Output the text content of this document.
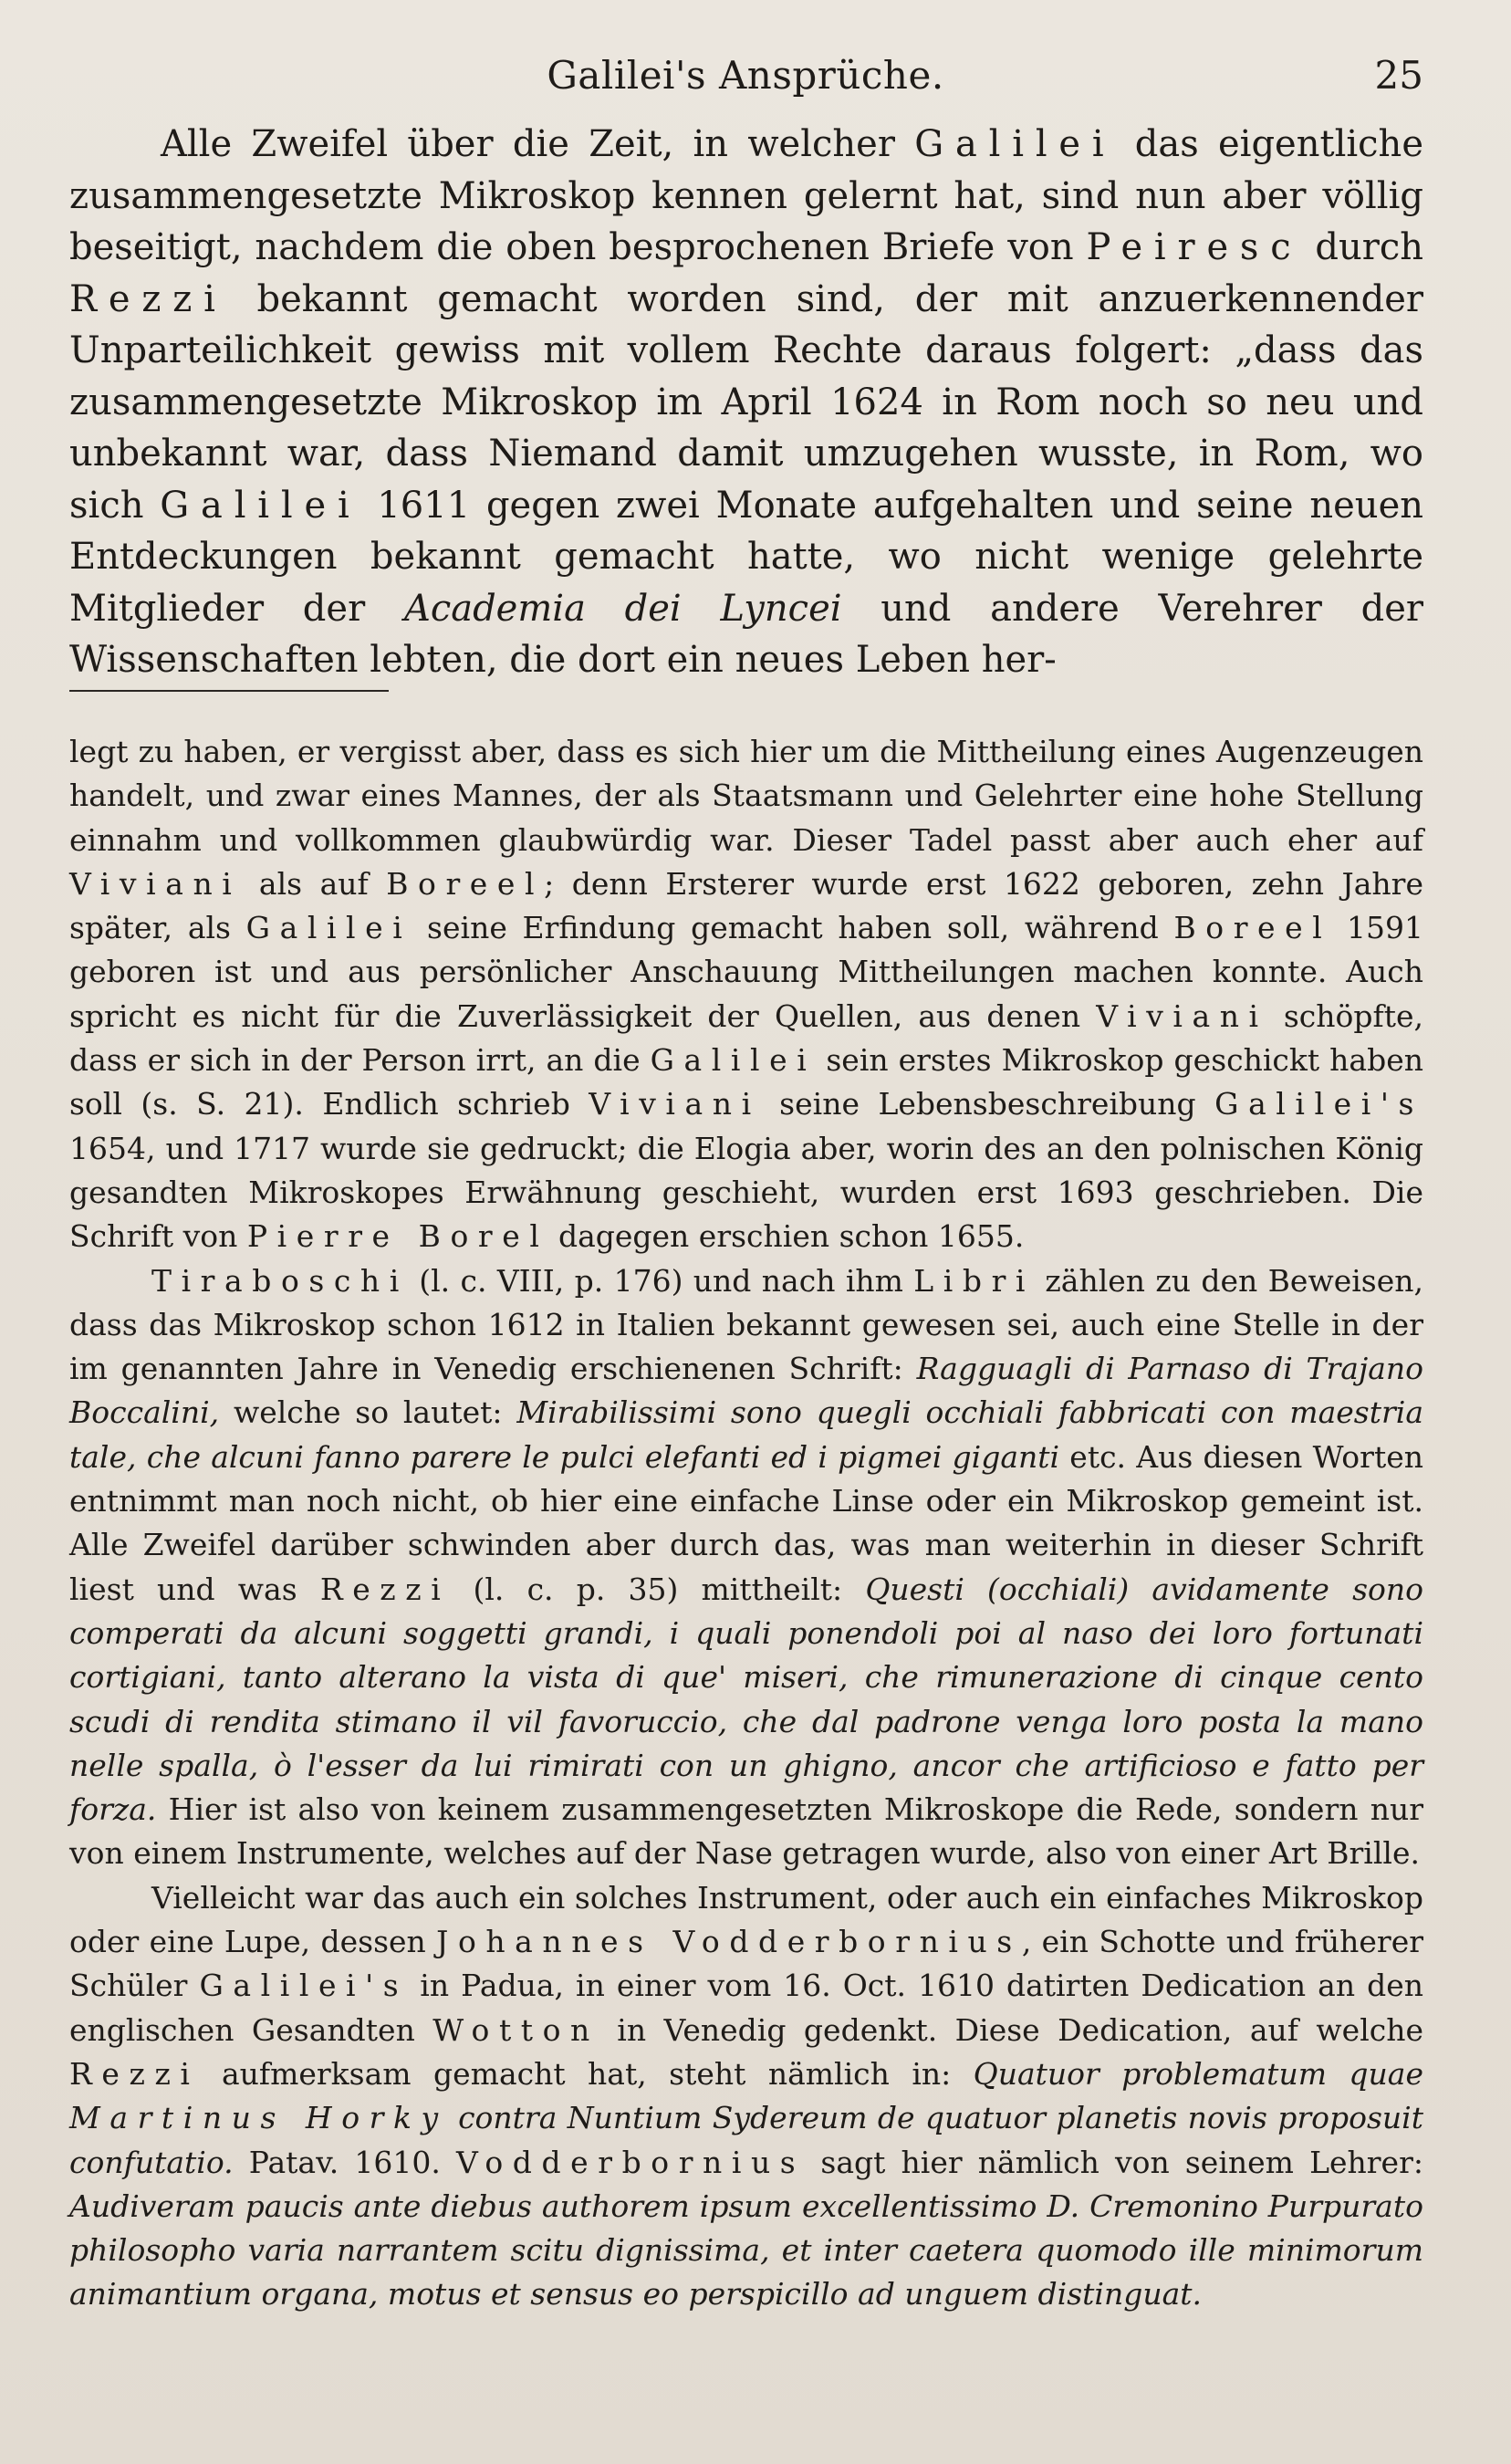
Galilei's Ansprüche.	25

Alle Zweifel über die Zeit, in welcher Galilei das eigentliche zusammengesetzte Mikroskop kennen gelernt hat, sind nun aber völlig beseitigt, nachdem die oben besprochenen Briefe von Peiresc durch Rezzi bekannt gemacht worden sind, der mit anzuerkennender Unparteilichkeit gewiss mit vollem Rechte daraus folgert: „dass das zusammengesetzte Mikroskop im April 1624 in Rom noch so neu und unbekannt war, dass Niemand damit umzugehen wusste, in Rom, wo sich Galilei 1611 gegen zwei Monate aufgehalten und seine neuen Entdeckungen bekannt gemacht hatte, wo nicht wenige gelehrte Mitglieder der Academia dei Lyncei und andere Verehrer der Wissenschaften lebten, die dort ein neues Leben her-

legt zu haben, er vergisst aber, dass es sich hier um die Mittheilung eines Augenzeugen handelt, und zwar eines Mannes, der als Staatsmann und Gelehrter eine hohe Stellung einnahm und vollkommen glaubwürdig war. Dieser Tadel passt aber auch eher auf Viviani als auf Boreel; denn Ersterer wurde erst 1622 geboren, zehn Jahre später, als Galilei seine Erfindung gemacht haben soll, während Boreel 1591 geboren ist und aus persönlicher Anschauung Mittheilungen machen konnte. Auch spricht es nicht für die Zuverlässigkeit der Quellen, aus denen Viviani schöpfte, dass er sich in der Person irrt, an die Galilei sein erstes Mikroskop geschickt haben soll (s. S. 21). Endlich schrieb Viviani seine Lebensbeschreibung Galilei's 1654, und 1717 wurde sie gedruckt; die Elogia aber, worin des an den polnischen König gesandten Mikroskopes Erwähnung geschieht, wurden erst 1693 geschrieben. Die Schrift von Pierre Borel dagegen erschien schon 1655.

Tiraboschi (l. c. VIII, p. 176) und nach ihm Libri zählen zu den Beweisen, dass das Mikroskop schon 1612 in Italien bekannt gewesen sei, auch eine Stelle in der im genannten Jahre in Venedig erschienenen Schrift: Ragguagli di Parnaso di Trajano Boccalini, welche so lautet: Mirabilissimi sono quegli occhiali fabbricati con maestria tale, che alcuni fanno parere le pulci elefanti ed i pigmei giganti etc. Aus diesen Worten entnimmt man noch nicht, ob hier eine einfache Linse oder ein Mikroskop gemeint ist. Alle Zweifel darüber schwinden aber durch das, was man weiterhin in dieser Schrift liest und was Rezzi (l. c. p. 35) mittheilt: Questi (occhiali) avidamente sono comperati da alcuni soggetti grandi, i quali ponendoli poi al naso dei loro fortunati cortigiani, tanto alterano la vista di que' miseri, che rimunerazione di cinque cento scudi di rendita stimano il vil favoruccio, che dal padrone venga loro posta la mano nelle spalla, ò l'esser da lui rimirati con un ghigno, ancor che artificioso e fatto per forza. Hier ist also von keinem zusammengesetzten Mikroskope die Rede, sondern nur von einem Instrumente, welches auf der Nase getragen wurde, also von einer Art Brille.

Vielleicht war das auch ein solches Instrument, oder auch ein einfaches Mikroskop oder eine Lupe, dessen Johannes Vodderbornius, ein Schotte und früherer Schüler Galilei's in Padua, in einer vom 16. Oct. 1610 datirten Dedication an den englischen Gesandten Wotton in Venedig gedenkt. Diese Dedication, auf welche Rezzi aufmerksam gemacht hat, steht nämlich in: Quatuor problematum quae Martinus Horky contra Nuntium Sydereum de quatuor planetis novis proposuit confutatio. Patav. 1610. Vodderbornius sagt hier nämlich von seinem Lehrer: Audiveram paucis ante diebus authorem ipsum excellentissimo D. Cremonino Purpurato philosopho varia narrantem scitu dignissima, et inter caetera quomodo ille minimorum animantium organa, motus et sensus eo perspicillo ad unguem distinguat.
